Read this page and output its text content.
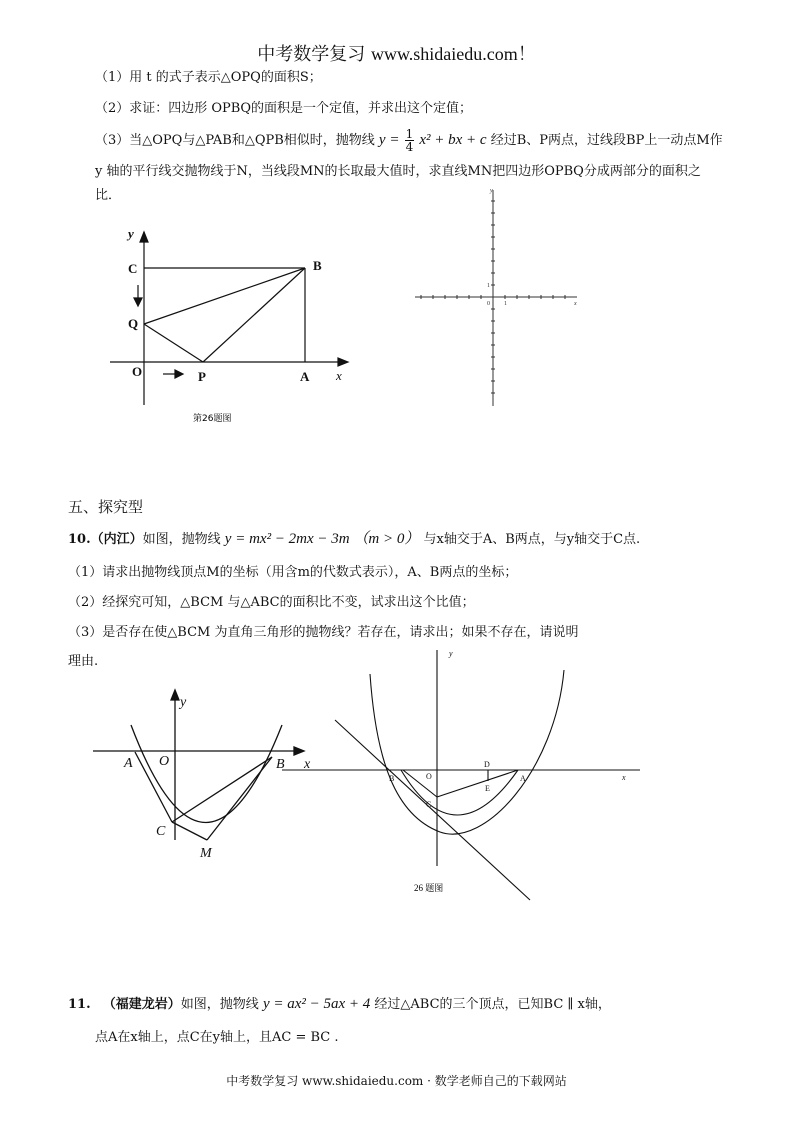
中考数学复习 www.shidaiedu.com！
（1）用 t 的式子表示△OPQ的面积S；
（2）求证：四边形 OPBQ的面积是一个定值，并求出这个定值；
（3）当△OPQ与△PAB和△QPB相似时，抛物线 $y = \frac{1}{4} x^2$ + bx + c 经过B、P两点，过线段BP上一动点M作
y 轴的平行线交抛物线于N，当线段MN的长取最大值时，求直线MN把四边形OPBQ分成两部分的面积之
比．
y
x
C	B
Q
O	P	A
第26题图
y
x
0 1
1
五、探究型
10.（内江）如图，抛物线 y = mx² − 2mx − 3m （m > 0） 与x轴交于A、B两点，与y轴交于C点.
（1）请求出抛物线顶点M的坐标（用含m的代数式表示），A、B两点的坐标；
（2）经探究可知，△BCM 与△ABC的面积比不变，试求出这个比值；
（3）是否存在使△BCM 为直角三角形的抛物线？若存在，请求出；如果不存在，请说明
理由.
y
x
A O	B
C
M
y
x
B	O
D
A
E
C
26 题图
11. （福建龙岩）如图，抛物线 y = ax² − 5ax + 4 经过△ABC的三个顶点，已知BC ∥ x轴，
点A在x轴上，点C在y轴上，且AC = BC .
中考数学复习 www.shidaiedu.com · 数学老师自己的下载网站
